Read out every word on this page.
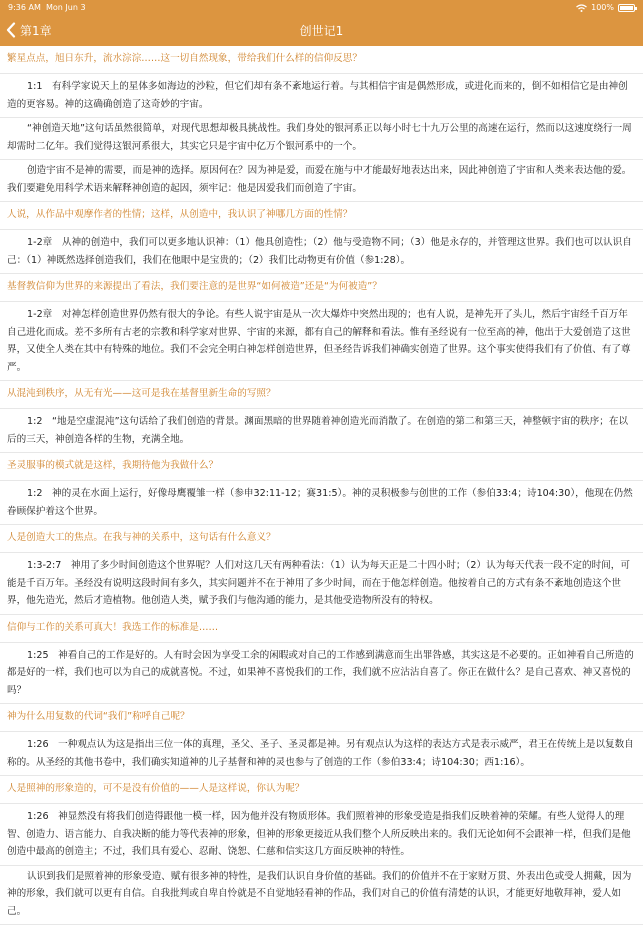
9:36 AM Mon Jun 3	100%
第1章	创世记1
繁星点点，旭日东升，流水淙淙……这一切自然现象，带给我们什么样的信仰反思？

1:1　有科学家说天上的星体多如海边的沙粒，但它们却有条不紊地运行着。与其相信宇宙是偶然形成，或进化而来的，倒不如相信它是由神创造的更容易。神的这确确创造了这奇妙的宇宙。

“神创造天地”这句话虽然很简单，对现代思想却极具挑战性。我们身处的银河系正以每小时七十九万公里的高速在运行，然而以这速度绕行一周却需时二亿年。我们觉得这银河系很大，其实它只是宇宙中亿万个银河系中的一个。

创造宇宙不是神的需要，而是神的选择。原因何在？因为神是爱，而爱在施与中才能最好地表达出来，因此神创造了宇宙和人类来表达他的爱。我们要避免用科学术语来解释神创造的起因，须牢记：他是因爱我们而创造了宇宙。

人说，从作品中观摩作者的性情；这样，从创造中，我认识了神哪几方面的性情？

1-2章　从神的创造中，我们可以更多地认识神：（1）他具创造性；（2）他与受造物不同；（3）他是永存的，并管理这世界。我们也可以认识自己：（1）神既然选择创造我们，我们在他眼中是宝贵的；（2）我们比动物更有价值（参1:28）。

基督教信仰为世界的来源提出了看法，我们要注意的是世界“如何被造”还是“为何被造”？

1-2章　对神怎样创造世界仍然有很大的争论。有些人说宇宙是从一次大爆炸中突然出现的；也有人说，是神先开了头儿，然后宇宙经千百万年自己进化而成。差不多所有古老的宗教和科学家对世界、宇宙的来源，都有自己的解释和看法。惟有圣经说有一位至高的神，他出于大爱创造了这世界，又使全人类在其中有特殊的地位。我们不会完全明白神怎样创造世界，但圣经告诉我们神确实创造了世界。这个事实使得我们有了价值、有了尊严。

从混沌到秩序，从无有光——这可是我在基督里新生命的写照？

1:2　“地是空虚混沌”这句话给了我们创造的背景。渊面黑暗的世界随着神创造光而消散了。在创造的第二和第三天，神整顿宇宙的秩序；在以后的三天，神创造各样的生物，充满全地。

圣灵服事的模式就是这样，我期待他为我做什么？

1:2　神的灵在水面上运行，好像母鹰覆雏一样（参申32:11-12；赛31:5）。神的灵积极参与创世的工作（参伯33:4；诗104:30），他现在仍然眷顾保护着这个世界。

人是创造大工的焦点。在我与神的关系中，这句话有什么意义？

1:3-2:7　神用了多少时间创造这个世界呢？人们对这几天有两种看法：（1）认为每天正是二十四小时；（2）认为每天代表一段不定的时间，可能是千百万年。圣经没有说明这段时间有多久，其实问题并不在于神用了多少时间，而在于他怎样创造。他按着自己的方式有条不紊地创造这个世界，他先造光，然后才造植物。他创造人类，赋予我们与他沟通的能力，是其他受造物所没有的特权。

信仰与工作的关系可真大！我选工作的标准是……

1:25　神看自己的工作是好的。人有时会因为享受工余的闲暇或对自己的工作感到满意而生出罪咎感，其实这是不必要的。正如神看自己所造的都是好的一样，我们也可以为自己的成就喜悦。不过，如果神不喜悦我们的工作，我们就不应沾沾自喜了。你正在做什么？是自己喜欢、神又喜悦的吗？

神为什么用复数的代词“我们”称呼自己呢？

1:26　一种观点认为这是指出三位一体的真理，圣父、圣子、圣灵都是神。另有观点认为这样的表达方式是表示威严，君王在传统上是以复数自称的。从圣经的其他书卷中，我们确实知道神的儿子基督和神的灵也参与了创造的工作（参伯33:4；诗104:30；西1:16）。

人是照神的形象造的，可不是没有价值的——人是这样说，你认为呢？

1:26　神显然没有将我们创造得跟他一模一样，因为他并没有物质形体。我们照着神的形象受造是指我们反映着神的荣耀。有些人觉得人的理智、创造力、语言能力、自我决断的能力等代表神的形象，但神的形象更接近从我们整个人所反映出来的。我们无论如何不会跟神一样，但我们是他创造中最高的创造主；不过，我们具有爱心、忍耐、饶恕、仁慈和信实这几方面反映神的特性。

认识到我们是照着神的形象受造、赋有很多神的特性，是我们认识自身价值的基础。我们的价值并不在于家财万贯、外表出色或受人拥戴，因为神的形象，我们就可以更有自信。自我批判或自卑自怜就是不自觉地轻看神的作品，我们对自己的价值有清楚的认识，才能更好地敬拜神，爱人如己。
